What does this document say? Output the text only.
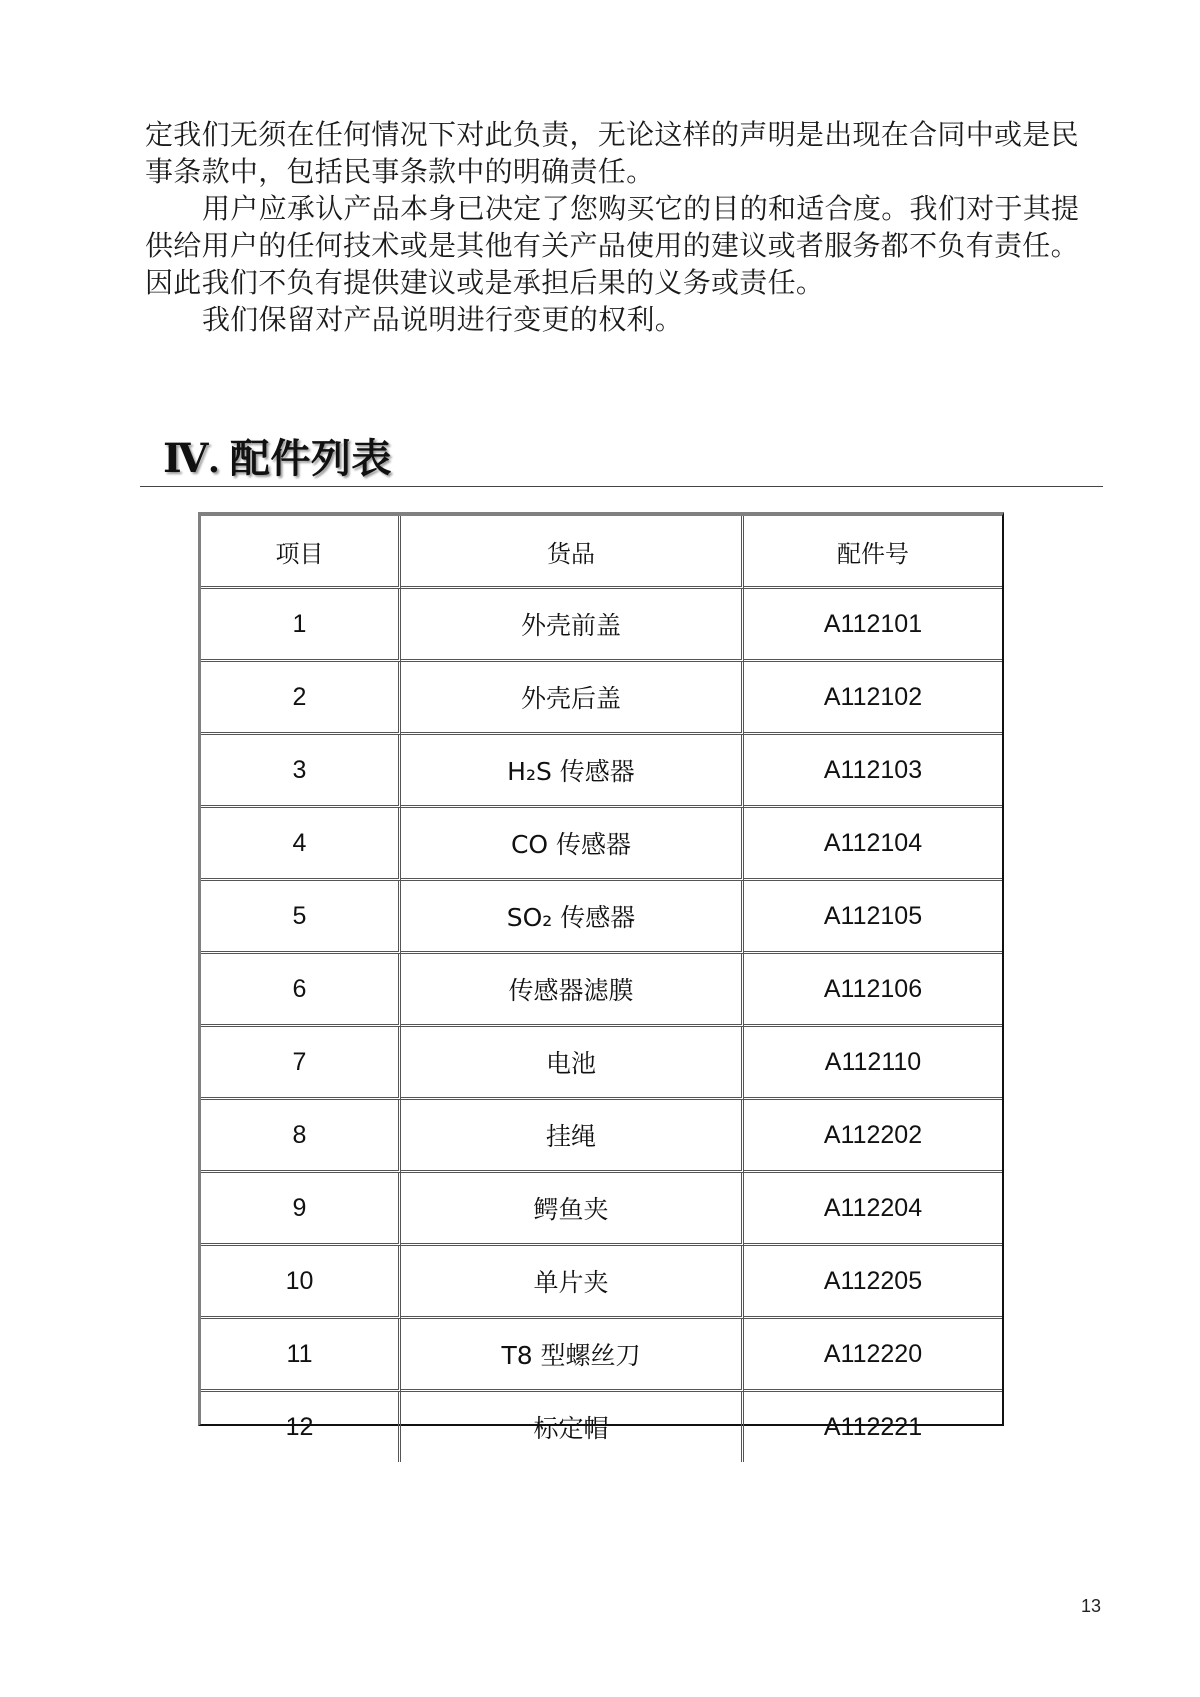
定我们无须在任何情况下对此负责，无论这样的声明是出现在合同中或是民事条款中，包括民事条款中的明确责任。

用户应承认产品本身已决定了您购买它的目的和适合度。我们对于其提供给用户的任何技术或是其他有关产品使用的建议或者服务都不负有责任。因此我们不负有提供建议或是承担后果的义务或责任。

我们保留对产品说明进行变更的权利。

Ⅳ. 配件列表
项目	货品	配件号
1	外壳前盖	A112101
2	外壳后盖	A112102
3	H₂S 传感器	A112103
4	CO 传感器	A112104
5	SO₂ 传感器	A112105
6	传感器滤膜	A112106
7	电池	A112110
8	挂绳	A112202
9	鳄鱼夹	A112204
10	单片夹	A112205
11	T8 型螺丝刀	A112220
12	标定帽	A112221
13
